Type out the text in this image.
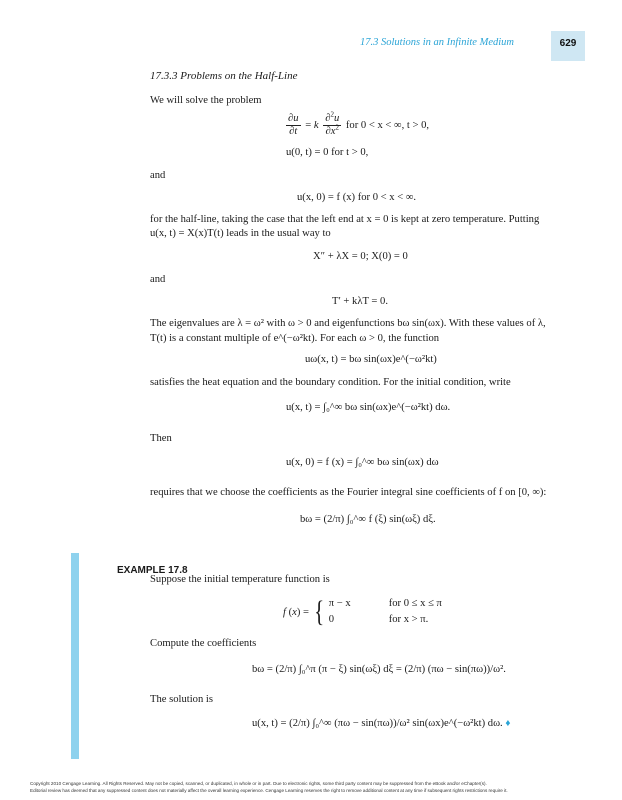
17.3 Solutions in an Infinite Medium	629
17.3.3 Problems on the Half-Line
We will solve the problem
$\frac{\partial u}{\partial t} = k \frac{\partial^2u}{\partial x^2}$ for 0 < x < ∞, t > 0,
u(0, t) = 0 for t > 0,
and
u(x, 0) = f (x) for 0 < x < ∞.
for the half-line, taking the case that the left end at x = 0 is kept at zero temperature. Putting
u(x, t) = X(x)T(t) leads in the usual way to
X″ + λX = 0; X(0) = 0
and
T′ + kλT = 0.
The eigenvalues are λ = ω² with ω > 0 and eigenfunctions bω sin(ωx). With these values of λ,
T(t) is a constant multiple of e^(−ω²kt). For each ω > 0, the function
uω(x, t) = bω sin(ωx)e^(−ω²kt)
satisfies the heat equation and the boundary condition. For the initial condition, write
u(x, t) = ∫₀^∞ bω sin(ωx)e^(−ω²kt) dω.
Then
u(x, 0) = f (x) = ∫₀^∞ bω sin(ωx) dω
requires that we choose the coefficients as the Fourier integral sine coefficients of f on [0, ∞):
bω = (2/π) ∫₀^∞ f (ξ) sin(ωξ) dξ.
EXAMPLE 17.8
Suppose the initial temperature function is
f (x) = { π − x	for 0 ≤ x ≤ π
0	for x > π.
Compute the coefficients
bω = (2/π) ∫₀^π (π − ξ) sin(ωξ) dξ = (2/π) (πω − sin(πω))/ω².
The solution is
u(x, t) = (2/π) ∫₀^∞ (πω − sin(πω))/ω² sin(ωx)e^(−ω²kt) dω. ♦
Copyright 2010 Cengage Learning. All Rights Reserved. May not be copied, scanned, or duplicated, in whole or in part. Due to electronic rights, some third party content may be suppressed from the eBook and/or eChapter(s).
Editorial review has deemed that any suppressed content does not materially affect the overall learning experience. Cengage Learning reserves the right to remove additional content at any time if subsequent rights restrictions require it.
